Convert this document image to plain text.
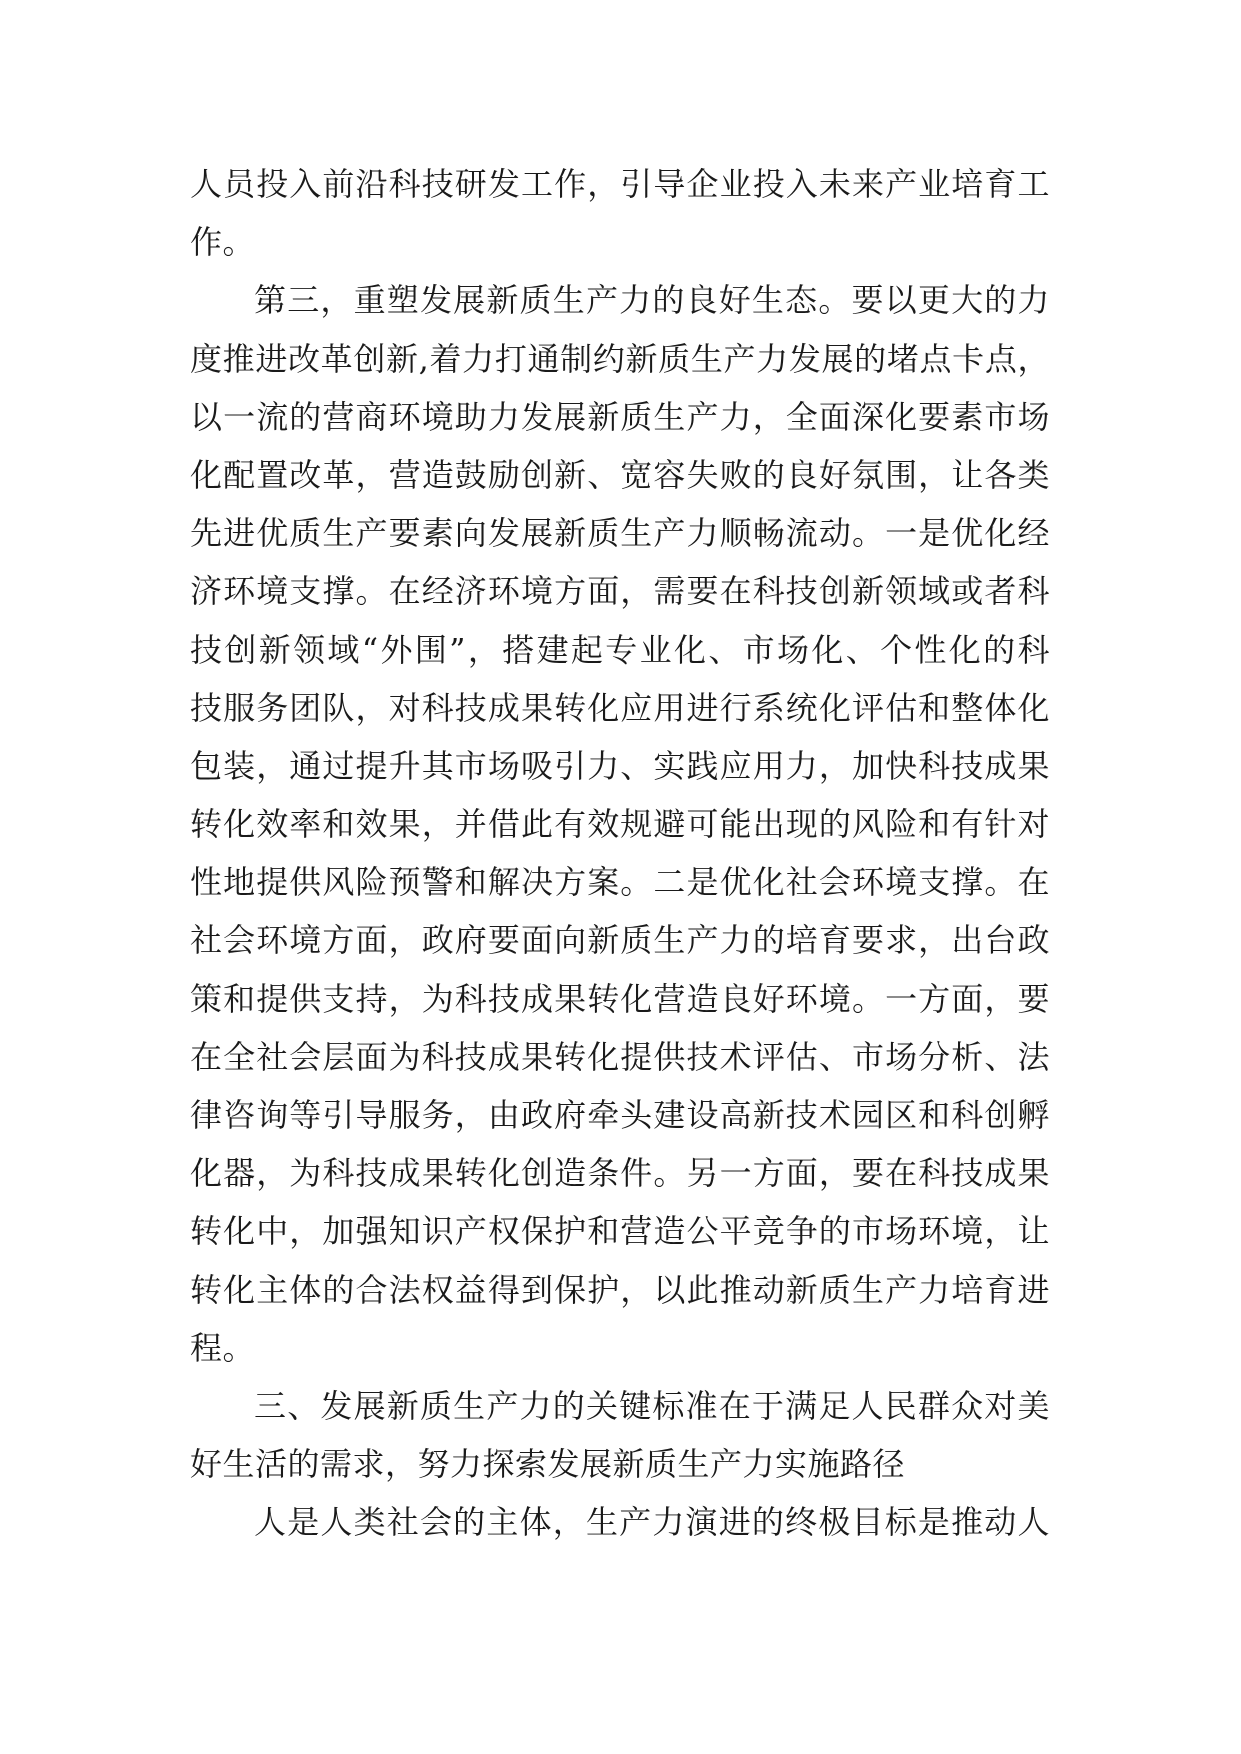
人员投入前沿科技研发工作，引导企业投入未来产业培育工
作。
第三，重塑发展新质生产力的良好生态。要以更大的力
度推进改革创新,着力打通制约新质生产力发展的堵点卡点，
以一流的营商环境助力发展新质生产力，全面深化要素市场
化配置改革，营造鼓励创新、宽容失败的良好氛围，让各类
先进优质生产要素向发展新质生产力顺畅流动。一是优化经
济环境支撑。在经济环境方面，需要在科技创新领域或者科
技创新领域“外围”，搭建起专业化、市场化、个性化的科
技服务团队，对科技成果转化应用进行系统化评估和整体化
包装，通过提升其市场吸引力、实践应用力，加快科技成果
转化效率和效果，并借此有效规避可能出现的风险和有针对
性地提供风险预警和解决方案。二是优化社会环境支撑。在
社会环境方面，政府要面向新质生产力的培育要求，出台政
策和提供支持，为科技成果转化营造良好环境。一方面，要
在全社会层面为科技成果转化提供技术评估、市场分析、法
律咨询等引导服务，由政府牵头建设高新技术园区和科创孵
化器，为科技成果转化创造条件。另一方面，要在科技成果
转化中，加强知识产权保护和营造公平竞争的市场环境，让
转化主体的合法权益得到保护，以此推动新质生产力培育进
程。
三、发展新质生产力的关键标准在于满足人民群众对美
好生活的需求，努力探索发展新质生产力实施路径
人是人类社会的主体，生产力演进的终极目标是推动人
